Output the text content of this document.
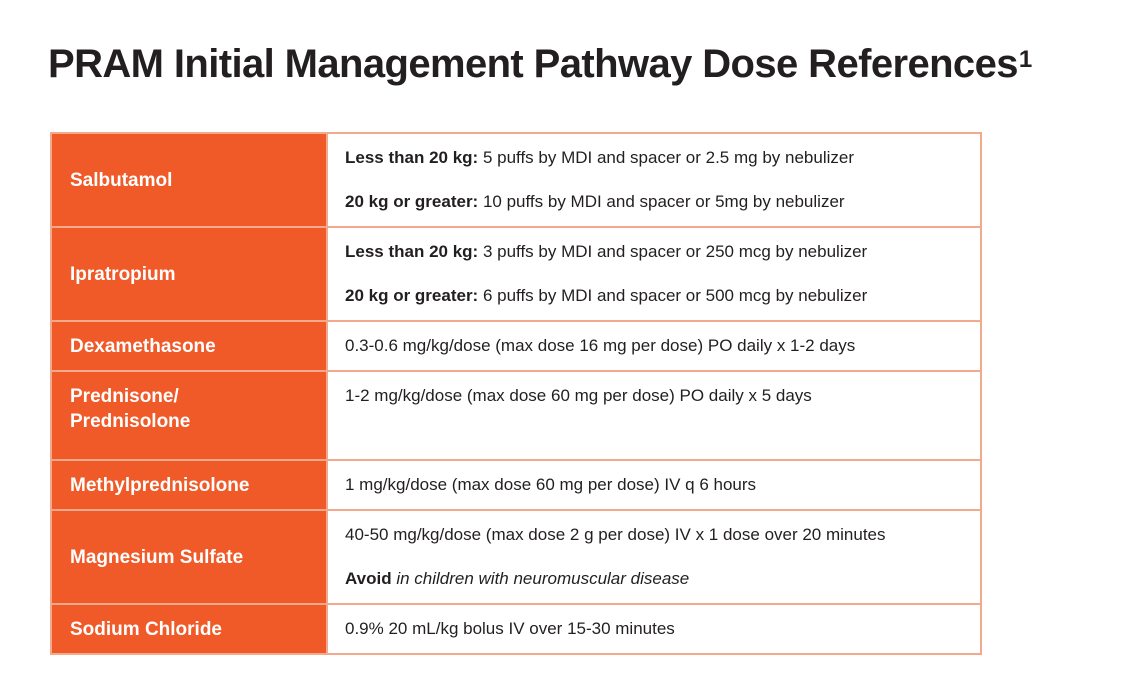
PRAM Initial Management Pathway Dose References$^1$
Salbutamol	Less than 20 kg: 5 puffs by MDI and spacer or 2.5 mg by nebulizer
20 kg or greater: 10 puffs by MDI and spacer or 5mg by nebulizer

Ipratropium	Less than 20 kg: 3 puffs by MDI and spacer or 250 mcg by nebulizer
20 kg or greater: 6 puffs by MDI and spacer or 500 mcg by nebulizer

Dexamethasone	0.3-0.6 mg/kg/dose (max dose 16 mg per dose) PO daily x 1-2 days

Prednisone/
Prednisolone	1-2 mg/kg/dose (max dose 60 mg per dose) PO daily x 5 days
Methylprednisolone	1 mg/kg/dose (max dose 60 mg per dose) IV q 6 hours
Magnesium Sulfate	40-50 mg/kg/dose (max dose 2 g per dose) IV x 1 dose over 20 minutes
Avoid in children with neuromuscular disease

Sodium Chloride	0.9% 20 mL/kg bolus IV over 15-30 minutes
